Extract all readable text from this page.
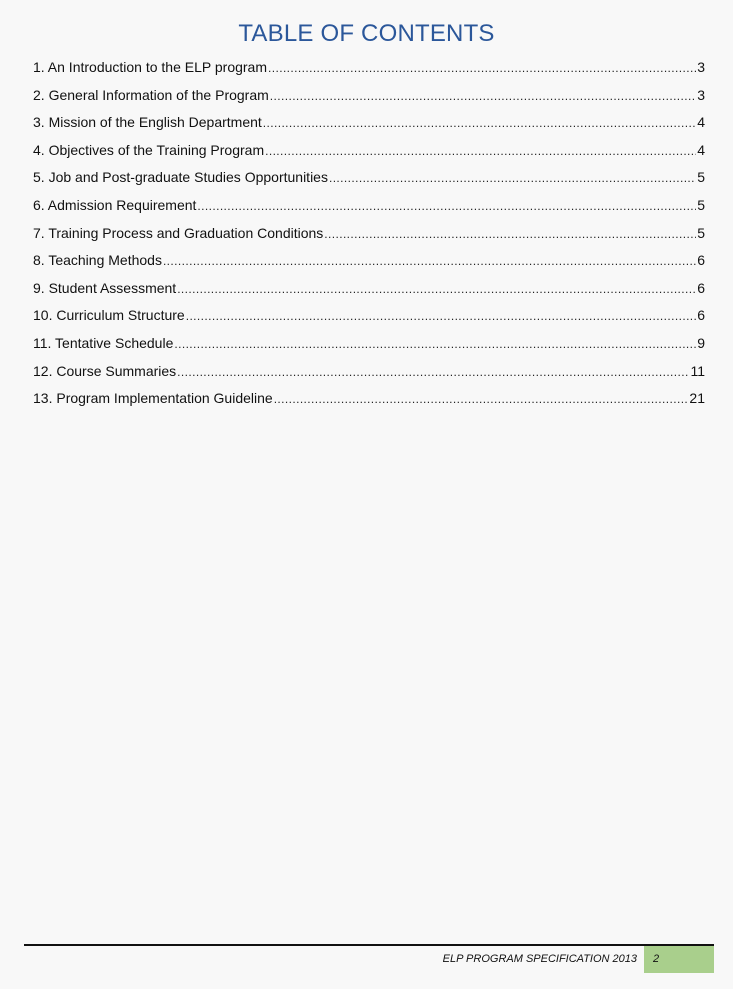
TABLE OF CONTENTS
1. An Introduction to the ELP program .....	3
2. General Information of the Program .....	3
3. Mission of the English Department .....	4
4. Objectives of the Training Program .....	4
5. Job and Post-graduate Studies Opportunities .....	5
6. Admission Requirement .....	5
7. Training Process and Graduation Conditions .....	5
8. Teaching Methods .....	6
9. Student Assessment .....	6
10. Curriculum Structure .....	6
11. Tentative Schedule .....	9
12. Course Summaries .....	11
13. Program Implementation Guideline .....	21
ELP PROGRAM SPECIFICATION 2013 2
